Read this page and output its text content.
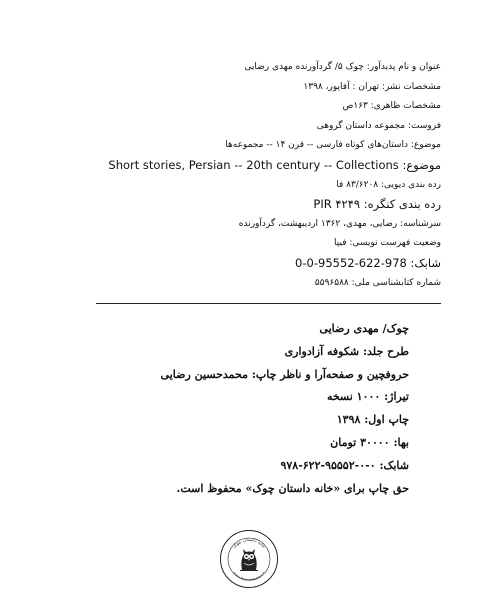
عنوان و نام پدیدآور: چوک ۵/ گردآورنده مهدی رضایی
مشخصات نشر: تهران : آفاپور، ۱۳۹۸
مشخصات ظاهری: ۱۶۳ص
فروست: مجموعه داستان گروهی
موضوع: داستان‌های کوتاه فارسی -- قرن ۱۴ -- مجموعه‌ها
موضوع: Short stories, Persian -- 20th century -- Collections
رده بندی دیویی: ۸۳/۶۲۰۸ فا
رده بندی کنگره: PIR ۴۲۴۹
سرشناسه: رضایی، مهدی، ۱۳۶۲ اردیبهشت، گردآورنده
وضعیت فهرست نویسی: فیپا
شابک: 978-622-95552-0-0
شماره کتابشناسی ملی: ۵۵۹۶۵۸۸
چوک/ مهدی رضایی
طرح جلد: شکوفه آزادواری
حروفچین و صفحه‌آرا و ناظر چاپ: محمدحسین رضایی
تیراژ: ۱۰۰۰ نسخه
چاپ اول: ۱۳۹۸
بها: ۳۰۰۰۰ تومان
شابک: ۰-۰-۹۵۵۵۲-۶۲۲-۹۷۸
حق چاپ برای «خانه داستان چوک» محفوظ است.
خانه داستان چوک
www.khanehdastan.ir
